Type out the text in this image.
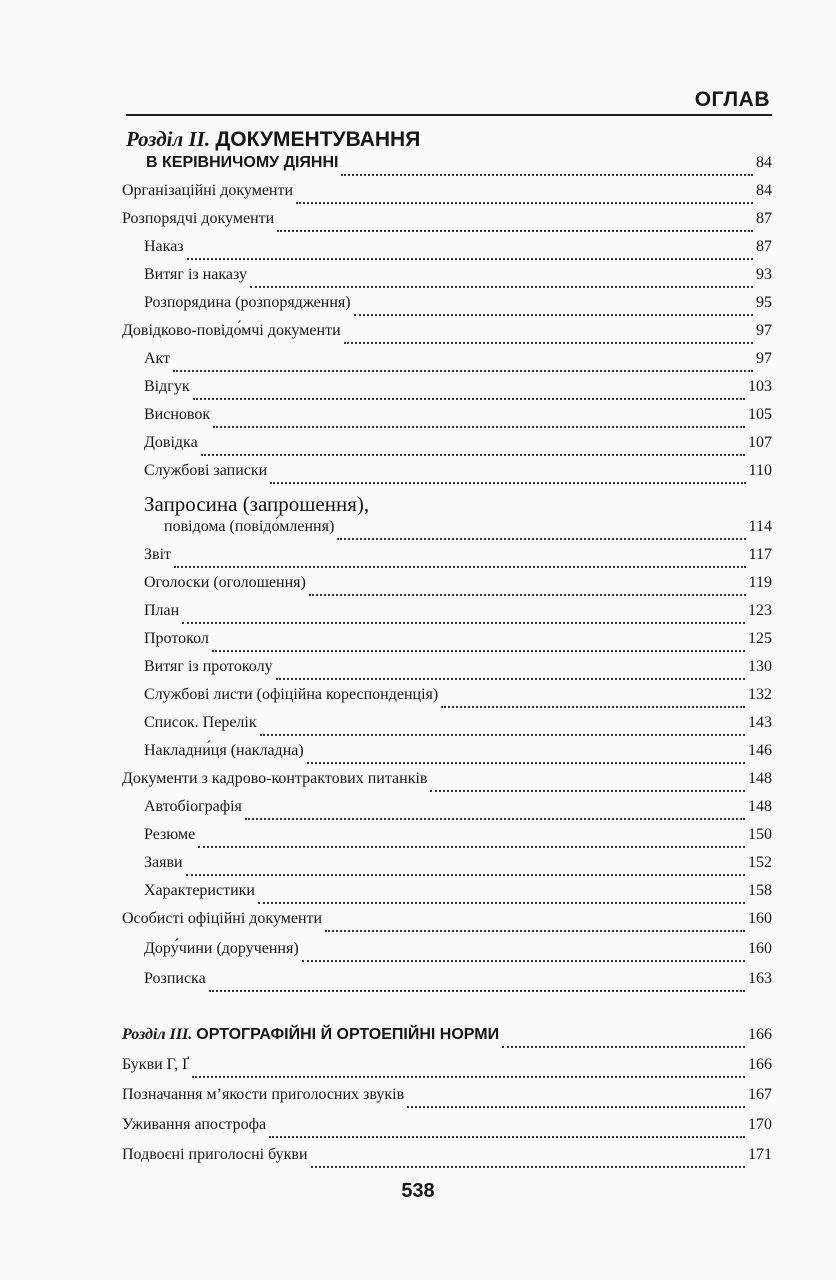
ОГЛАВ
Розділ ІІ. ДОКУМЕНТУВАННЯ
В КЕРІВНИЧОМУ ДІЯННІ	84
Організаційні документи	84
Розпорядчі документи	87
Наказ	87
Витяг із наказу	93
Розпорядина (розпорядження)	95
Довідково-повідо́мчі документи	97
Акт	97
Відгук	103
Висновок	105
Довідка	107
Службові записки	110
Запросина (запрошення),
повідома (повідо́млення)	114
Звіт	117
Оголоски (оголошення)	119
План	123
Протокол	125
Витяг із протоколу	130
Службові листи (офіційна кореспонденція)	132
Список. Перелік	143
Накладни́ця (накладна)	146
Документи з кадрово-контрактових питанків	148
Автобіографія	148
Резюме	150
Заяви	152
Характеристики	158
Особисті офіційні документи	160
Дору́чини (доручення)	160
Розписка	163
Розділ ІІІ. ОРТОГРАФІЙНІ Й ОРТОЕПІЙНІ НОРМИ	166
Букви Г, Ґ	166
Позначання м’якости приголосних звуків	167
Уживання апострофа	170
Подвоєні приголосні букви	171
538
